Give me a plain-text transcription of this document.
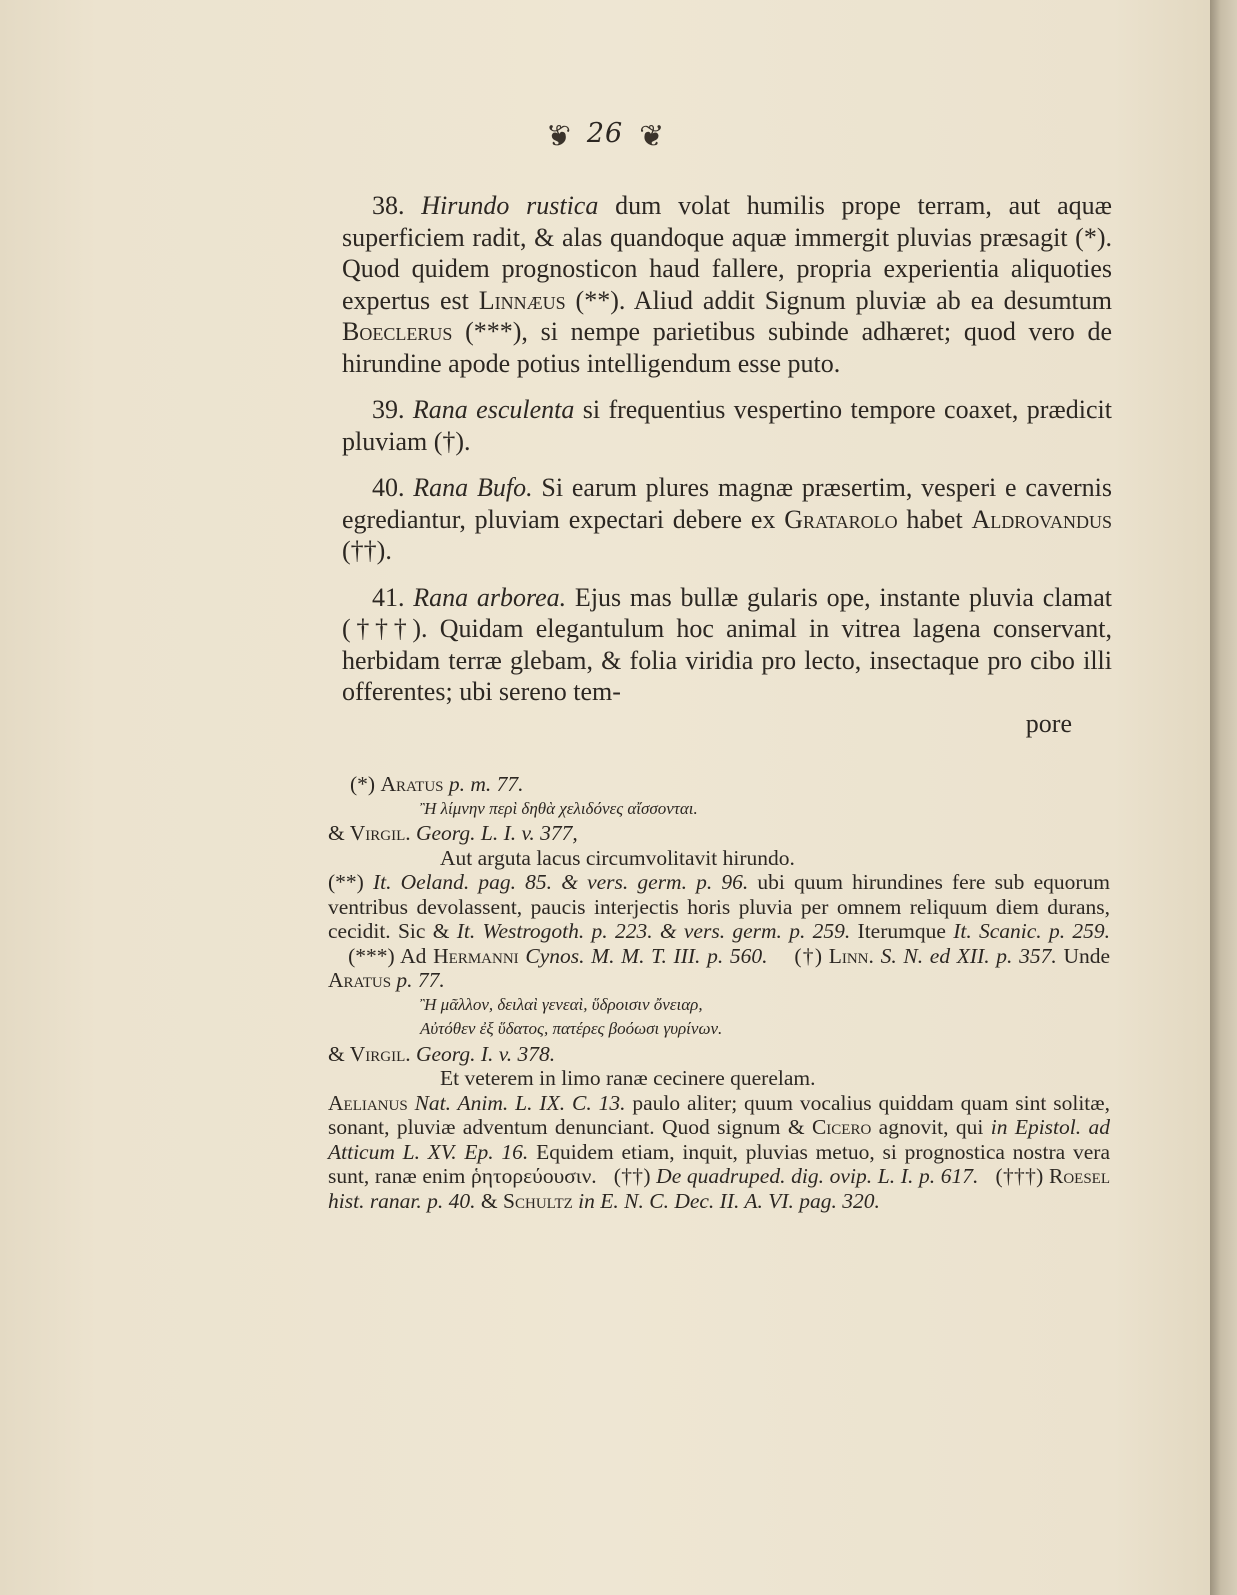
❦ 26 ❦

38. Hirundo rustica dum volat humilis prope terram, aut aquæ superficiem radit, & alas quandoque aquæ immergit pluvias præsagit (*). Quod quidem prognosticon haud fallere, propria experientia aliquoties expertus est Linnæus (**). Aliud addit Signum pluviæ ab ea desumtum Boeclerus (***), si nempe parietibus subinde adhæret; quod vero de hirundine apode potius intelligendum esse puto.

39. Rana esculenta si frequentius vespertino tempore coaxet, prædicit pluviam (†).

40. Rana Bufo. Si earum plures magnæ præsertim, vesperi e cavernis egrediantur, pluviam expectari debere ex Gratarolo habet Aldrovandus (††).

41. Rana arborea. Ejus mas bullæ gularis ope, instante pluvia clamat (†††). Quidam elegantulum hoc animal in vitrea lagena conservant, herbidam terræ glebam, & folia viridia pro lecto, insectaque pro cibo illi offerentes; ubi sereno tem-

pore

(*) Aratus p. m. 77.

Ἢ λίμνην περὶ δηθὰ χελιδόνες αἴσσονται.

& Virgil. Georg. L. I. v. 377,

Aut arguta lacus circumvolitavit hirundo.

(**) It. Oeland. pag. 85. & vers. germ. p. 96. ubi quum hirundines fere sub equorum ventribus devolassent, paucis interjectis horis pluvia per omnem reliquum diem durans, cecidit. Sic & It. Westrogoth. p. 223. & vers. germ. p. 259. Iterumque It. Scanic. p. 259.    (***) Ad Hermanni Cynos. M. M. T. III. p. 560. (†) Linn. S. N. ed XII. p. 357. Unde Aratus p. 77.

Ἢ μᾶλλον, δειλαὶ γενεαὶ, ὕδροισιν ὄνειαρ,

Αὐτόθεν ἐξ ὕδατος, πατέρες βοόωσι γυρίνων.

& Virgil. Georg. I. v. 378.

Et veterem in limo ranæ cecinere querelam.

Aelianus Nat. Anim. L. IX. C. 13. paulo aliter; quum vocalius quiddam quam sint solitæ, sonant, pluviæ adventum denunciant. Quod signum & Cicero agnovit, qui in Epistol. ad Atticum L. XV. Ep. 16. Equidem etiam, inquit, pluvias metuo, si prognostica nostra vera sunt, ranæ enim ῥητορεύουσιν. (††) De quadruped. dig. ovip. L. I. p. 617. (†††) Roesel hist. ranar. p. 40. & Schultz in E. N. C. Dec. II. A. VI. pag. 320.
